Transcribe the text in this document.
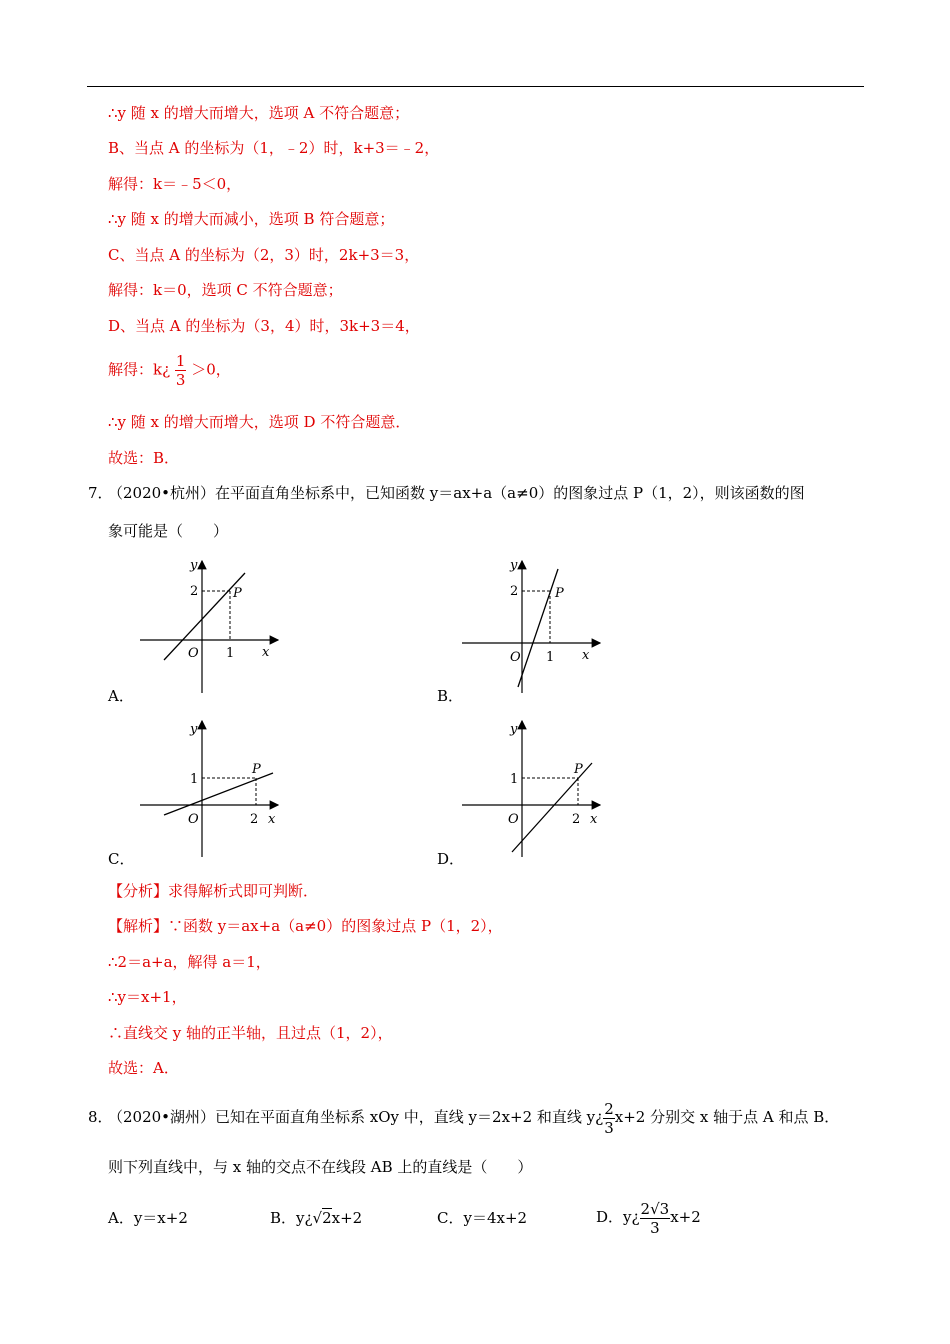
∴y 随 x 的增大而增大，选项 A 不符合题意；
B、当点 A 的坐标为（1，﹣2）时，k+3＝﹣2，
解得：k＝﹣5＜0，
∴y 随 x 的增大而减小，选项 B 符合题意；
C、当点 A 的坐标为（2，3）时，2k+3＝3，
解得：k＝0，选项 C 不符合题意；
D、当点 A 的坐标为（3，4）时，3k+3＝4，
解得：k¿ $\frac{1}{3} >0$，
∴y 随 x 的增大而增大，选项 D 不符合题意．
故选：B．
7．
（2020•杭州）在平面直角坐标系中，已知函数 y＝ax+a（a≠0）的图象过点 P（1，2），则该函数的图
象可能是（　　）
y
x
O
2
1
P
A．
y
x
O
2
1
P
B．
y
x
O
1
2
P
C．
y
x
O
1
2
P
D．
【分析】求得解析式即可判断．
【解析】∵函数 y＝ax+a（a≠0）的图象过点 P（1，2），
∴2＝a+a，解得 a＝1，
∴y＝x+1，
∴直线交 y 轴的正半轴，且过点（1，2），
故选：A．
8．
（2020•湖州）已知在平面直角坐标系 xOy 中，直线 y＝2x+2 和直线 y¿ $\frac{2}{3} x+2$ 分别交 x 轴于点 A 和点 B．
则下列直线中，与 x 轴的交点不在线段 AB 上的直线是（　　）
A．y＝x+2	B．y¿√2x+2	C．y＝4x+2	D．y¿ $\frac{2√3}{3} x+2$
